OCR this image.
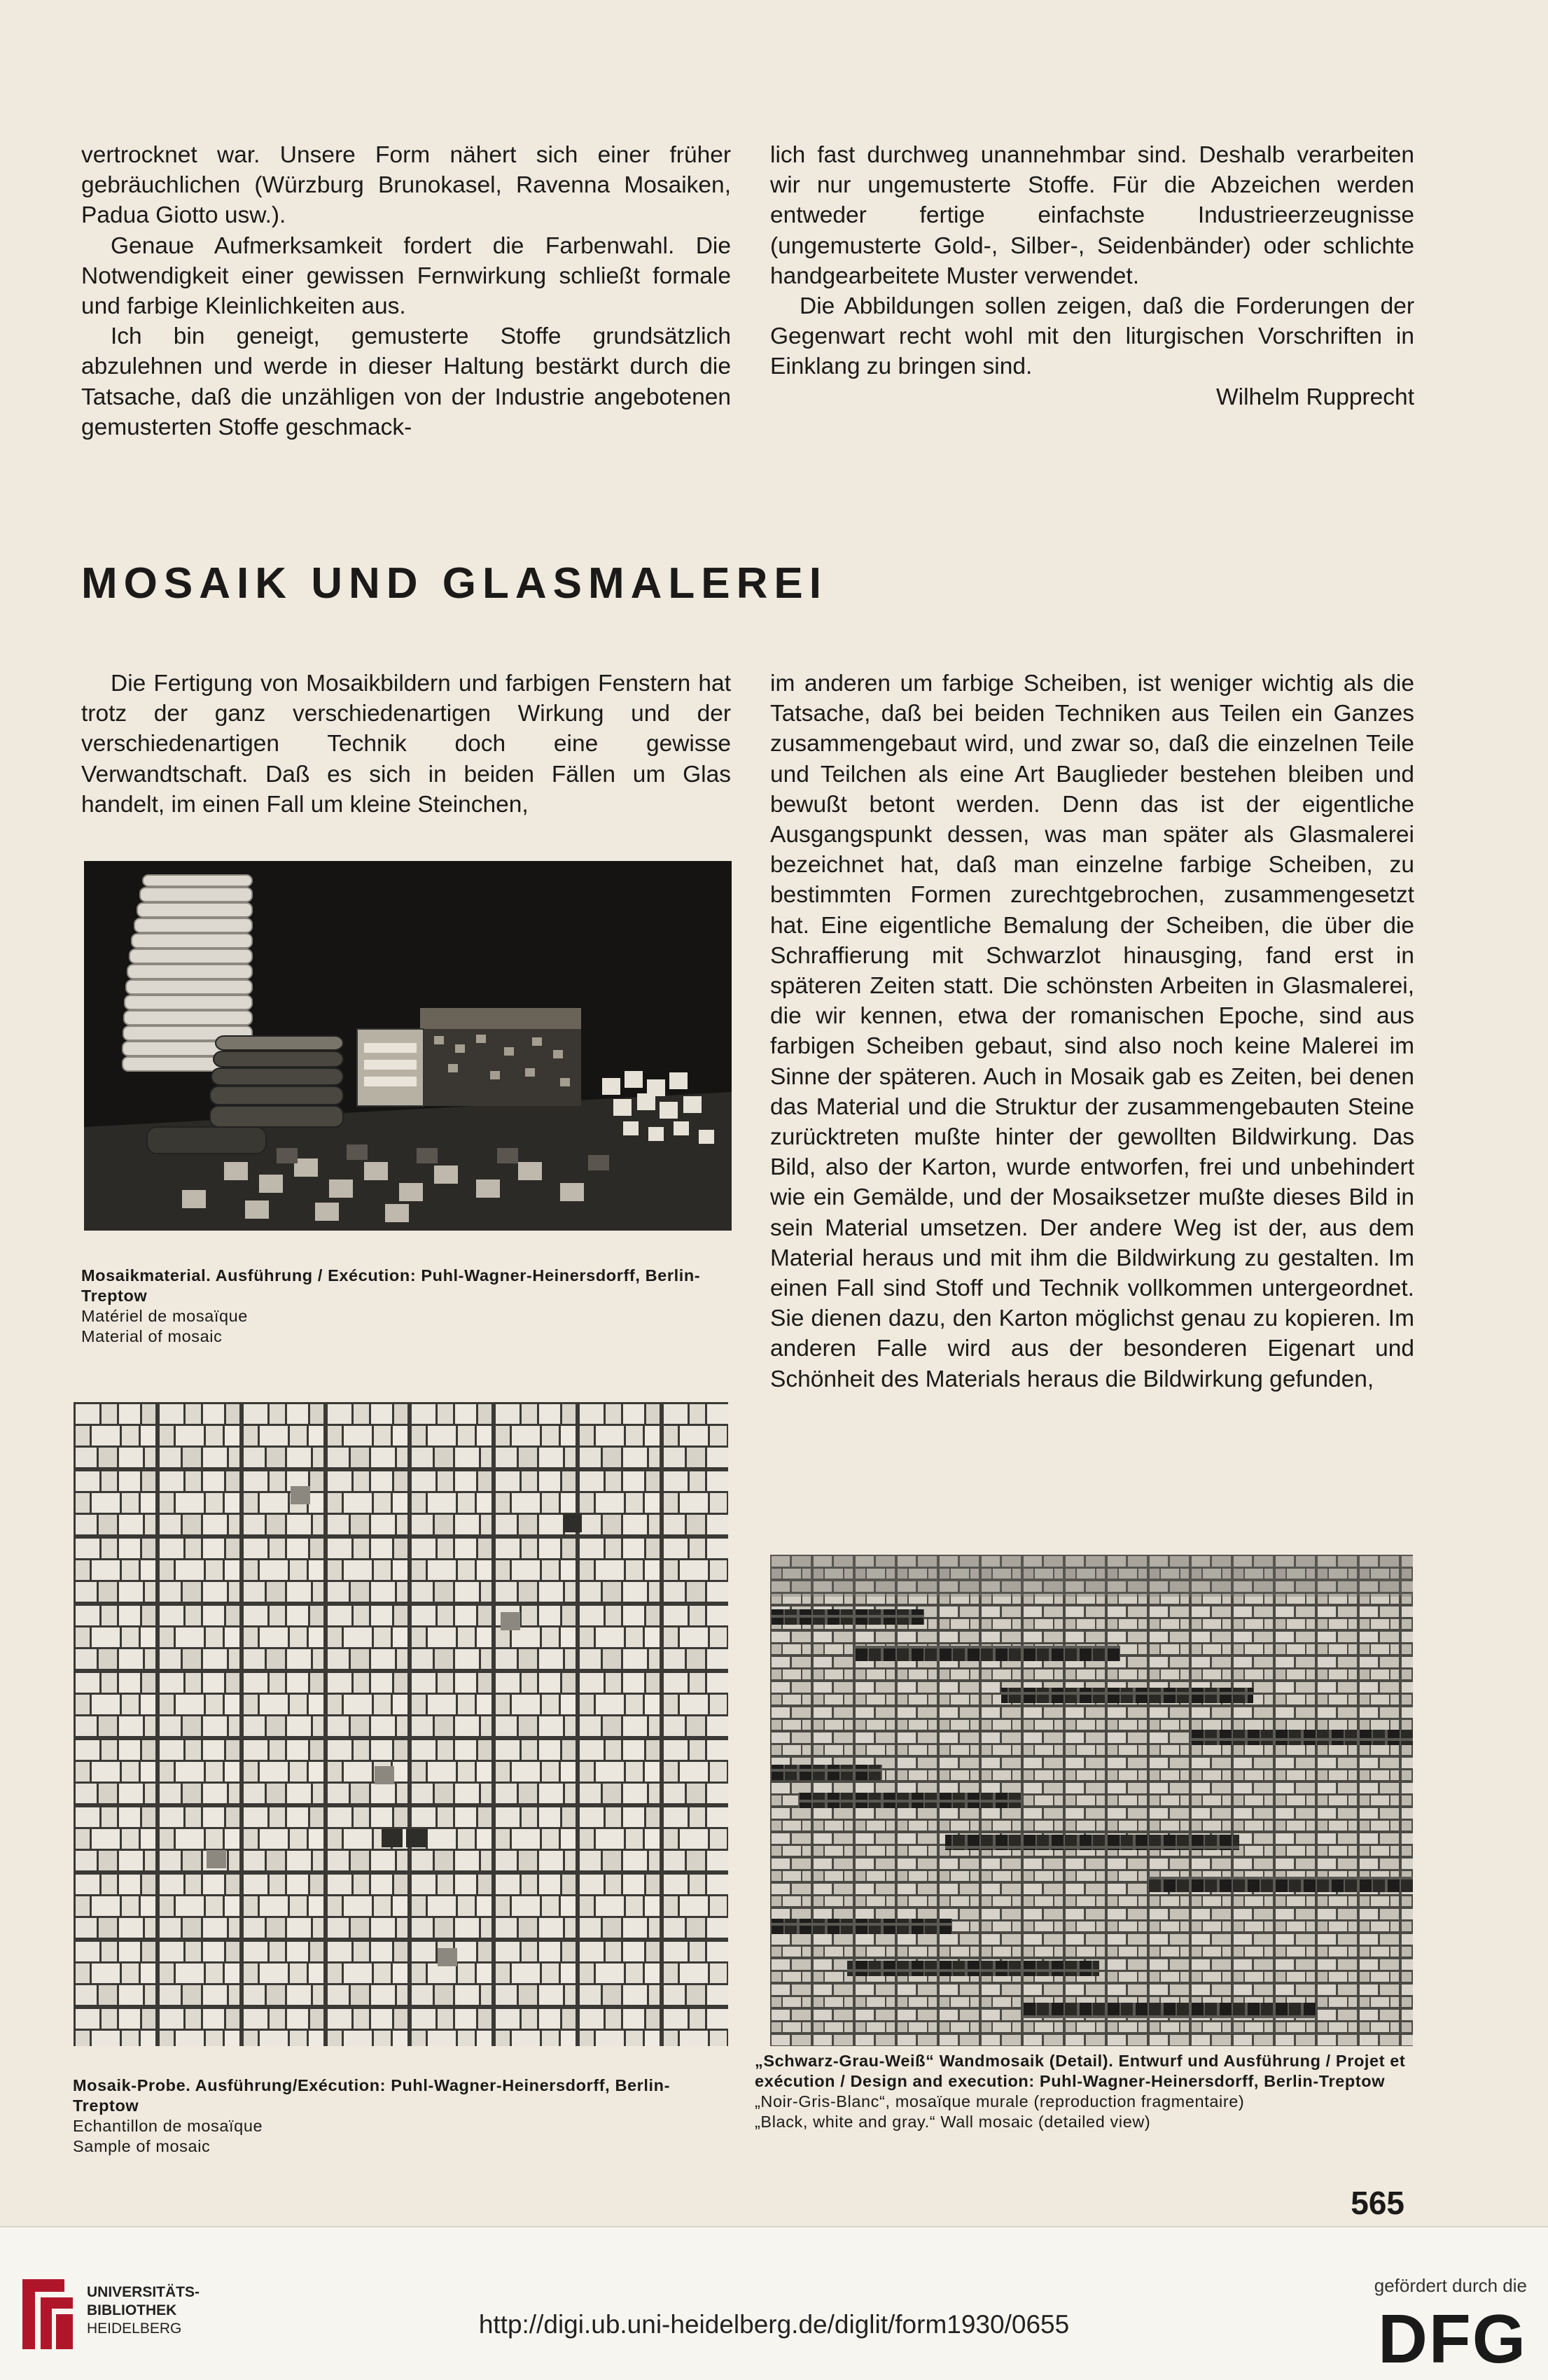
vertrocknet war. Unsere Form nähert sich einer früher gebräuchlichen (Würzburg Brunokasel, Ravenna Mosaiken, Padua Giotto usw.).

Genaue Aufmerksamkeit fordert die Farbenwahl. Die Notwendigkeit einer gewissen Fernwirkung schließt formale und farbige Kleinlichkeiten aus.

Ich bin geneigt, gemusterte Stoffe grundsätzlich abzulehnen und werde in dieser Haltung bestärkt durch die Tatsache, daß die unzähligen von der Industrie angebotenen gemusterten Stoffe geschmack-

lich fast durchweg unannehmbar sind. Deshalb verarbeiten wir nur ungemusterte Stoffe. Für die Abzeichen werden entweder fertige einfachste Industrieerzeugnisse (ungemusterte Gold-, Silber-, Seidenbänder) oder schlichte handgearbeitete Muster verwendet.

Die Abbildungen sollen zeigen, daß die Forderungen der Gegenwart recht wohl mit den liturgischen Vorschriften in Einklang zu bringen sind.

Wilhelm Rupprecht

MOSAIK UND GLASMALEREI

Die Fertigung von Mosaikbildern und farbigen Fenstern hat trotz der ganz verschiedenartigen Wirkung und der verschiedenartigen Technik doch eine gewisse Verwandtschaft. Daß es sich in beiden Fällen um Glas handelt, im einen Fall um kleine Steinchen,

im anderen um farbige Scheiben, ist weniger wichtig als die Tatsache, daß bei beiden Techniken aus Teilen ein Ganzes zusammengebaut wird, und zwar so, daß die einzelnen Teile und Teilchen als eine Art Bauglieder bestehen bleiben und bewußt betont werden. Denn das ist der eigentliche Ausgangspunkt dessen, was man später als Glasmalerei bezeichnet hat, daß man einzelne farbige Scheiben, zu bestimmten Formen zurechtgebrochen, zusammengesetzt hat. Eine eigentliche Bemalung der Scheiben, die über die Schraffierung mit Schwarzlot hinausging, fand erst in späteren Zeiten statt. Die schönsten Arbeiten in Glasmalerei, die wir kennen, etwa der romanischen Epoche, sind aus farbigen Scheiben gebaut, sind also noch keine Malerei im Sinne der späteren. Auch in Mosaik gab es Zeiten, bei denen das Material und die Struktur der zusammengebauten Steine zurücktreten mußte hinter der gewollten Bildwirkung. Das Bild, also der Karton, wurde entworfen, frei und unbehindert wie ein Gemälde, und der Mosaiksetzer mußte dieses Bild in sein Material umsetzen. Der andere Weg ist der, aus dem Material heraus und mit ihm die Bildwirkung zu gestalten. Im einen Fall sind Stoff und Technik vollkommen untergeordnet. Sie dienen dazu, den Karton möglichst genau zu kopieren. Im anderen Falle wird aus der besonderen Eigenart und Schönheit des Materials heraus die Bildwirkung gefunden,

Mosaikmaterial. Ausführung / Exécution: Puhl-Wagner-Heinersdorff, Berlin-Treptow
Matériel de mosaïque
Material of mosaic
Mosaik-Probe. Ausführung/Exécution: Puhl-Wagner-Heinersdorff, Berlin-Treptow
Echantillon de mosaïque
Sample of mosaic
„Schwarz-Grau-Weiß“ Wandmosaik (Detail). Entwurf und Ausführung / Projet et exécution / Design and execution: Puhl-Wagner-Heinersdorff, Berlin-Treptow
„Noir-Gris-Blanc“, mosaïque murale (reproduction fragmentaire)
„Black, white and gray.“ Wall mosaic (detailed view)
565
UNIVERSITÄTS-
BIBLIOTHEK
HEIDELBERG	http://digi.ub.uni-heidelberg.de/diglit/form1930/0655
gefördert durch die
DFG
